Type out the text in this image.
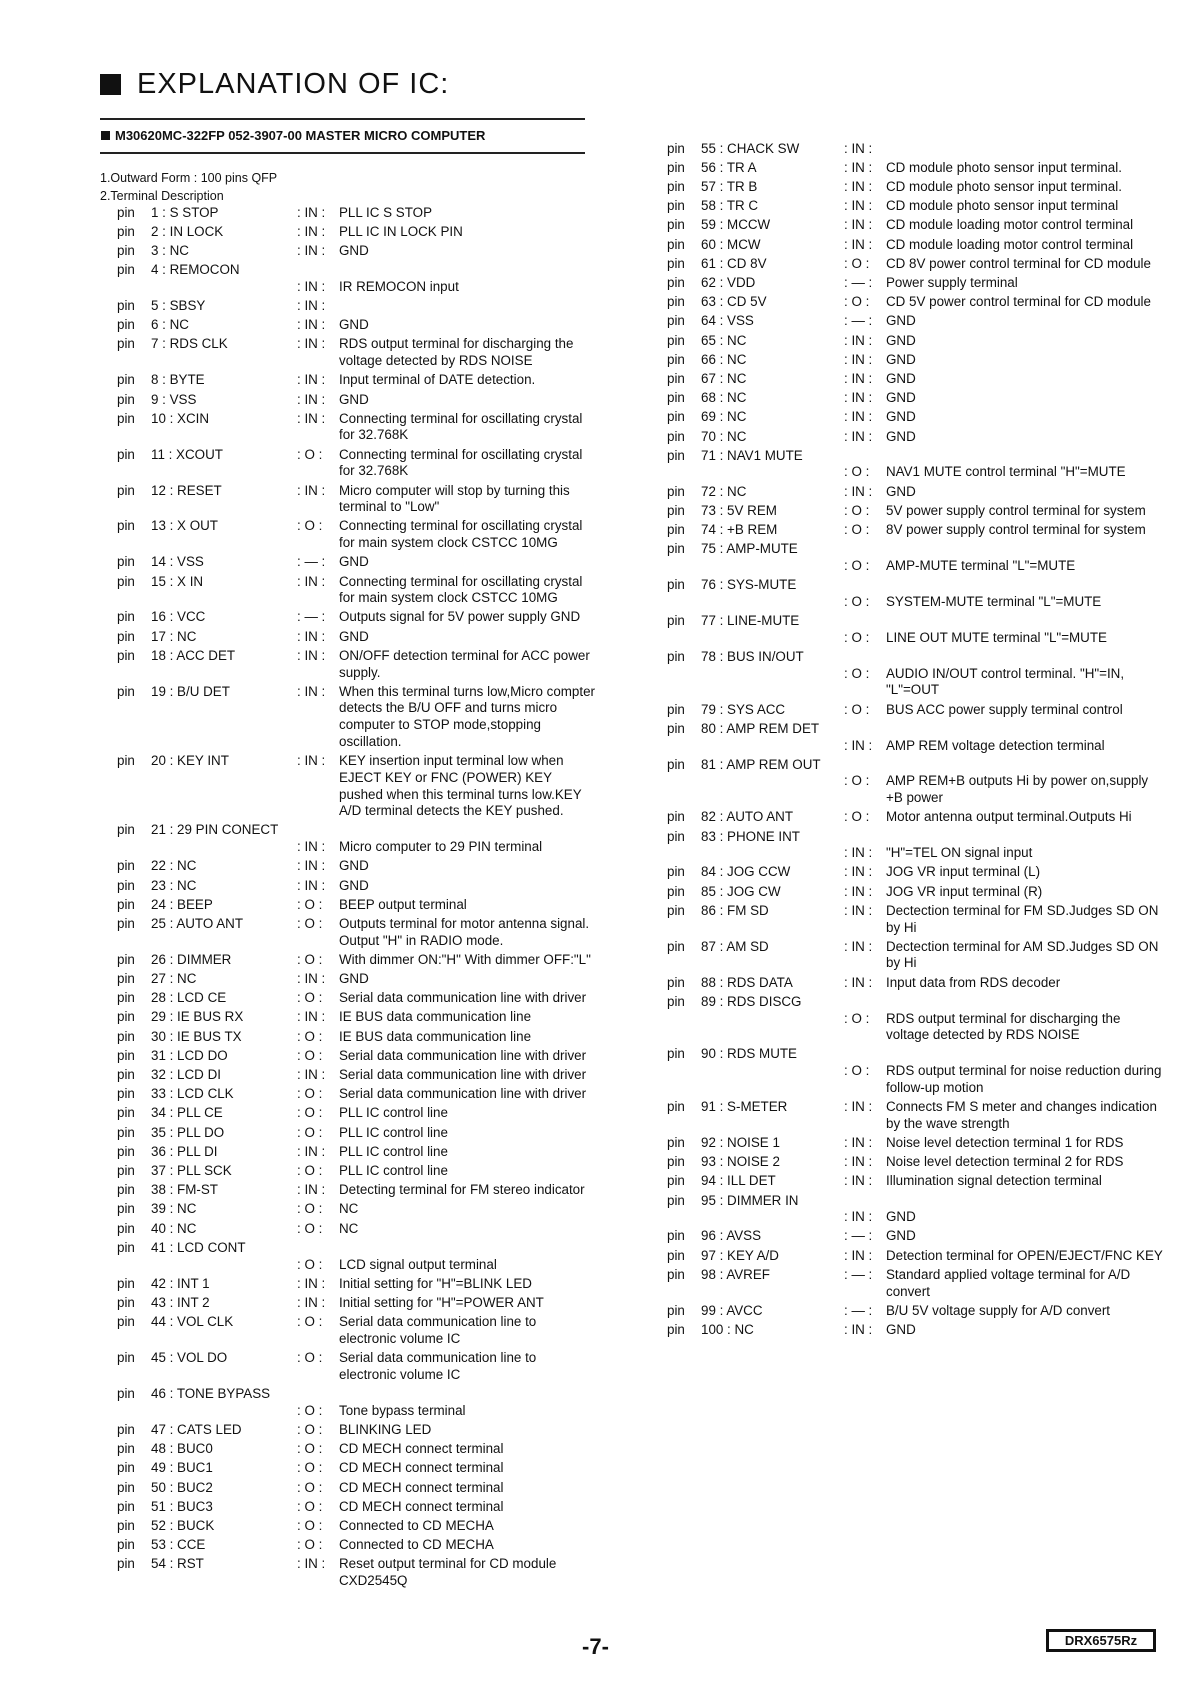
EXPLANATION OF IC:
M30620MC-322FP 052-3907-00 MASTER MICRO COMPUTER
1.Outward Form : 100 pins QFP
2.Terminal Description
pin	1 : S STOP	: IN :	PLL IC S STOP
pin	2 : IN LOCK	: IN :	PLL IC IN LOCK PIN
pin	3 : NC	: IN :	GND
pin	4 : REMOCON
: IN :	IR REMOCON input
pin	5 : SBSY	: IN :
pin	6 : NC	: IN :	GND
pin	7 : RDS CLK	: IN :	RDS output terminal for discharging the voltage detected by RDS NOISE
pin	8 : BYTE	: IN :	Input terminal of DATE detection.
pin	9 : VSS	: IN :	GND
pin	10 : XCIN	: IN :	Connecting terminal for oscillating crystal for 32.768K
pin	11 : XCOUT	: O :	Connecting terminal for oscillating crystal for 32.768K
pin	12 : RESET	: IN :	Micro computer will stop by turning this terminal to "Low"
pin	13 : X OUT	: O :	Connecting terminal for oscillating crystal for main system clock CSTCC 10MG
pin	14 : VSS	: — :	GND
pin	15 : X IN	: IN :	Connecting terminal for oscillating crystal for main system clock CSTCC 10MG
pin	16 : VCC	: — :	Outputs signal for 5V power supply GND
pin	17 : NC	: IN :	GND
pin	18 : ACC DET	: IN :	ON/OFF detection terminal for ACC power supply.
pin	19 : B/U DET	: IN :	When this terminal turns low,Micro compter detects the B/U OFF and turns micro computer to STOP mode,stopping oscillation.
pin	20 : KEY INT	: IN :	KEY insertion input terminal low when EJECT KEY or FNC (POWER) KEY pushed when this terminal turns low.KEY A/D terminal detects the KEY pushed.
pin	21 : 29 PIN CONECT
: IN :	Micro computer to 29 PIN terminal
pin	22 : NC	: IN :	GND
pin	23 : NC	: IN :	GND
pin	24 : BEEP	: O :	BEEP output terminal
pin	25 : AUTO ANT	: O :	Outputs terminal for motor antenna signal. Output "H" in RADIO mode.
pin	26 : DIMMER	: O :	With dimmer ON:"H" With dimmer OFF:"L"
pin	27 : NC	: IN :	GND
pin	28 : LCD CE	: O :	Serial data communication line with driver
pin	29 : IE BUS RX	: IN :	IE BUS data communication line
pin	30 : IE BUS TX	: O :	IE BUS data communication line
pin	31 : LCD DO	: O :	Serial data communication line with driver
pin	32 : LCD DI	: IN :	Serial data communication line with driver
pin	33 : LCD CLK	: O :	Serial data communication line with driver
pin	34 : PLL CE	: O :	PLL IC control line
pin	35 : PLL DO	: O :	PLL IC control line
pin	36 : PLL DI	: IN :	PLL IC control line
pin	37 : PLL SCK	: O :	PLL IC control line
pin	38 : FM-ST	: IN :	Detecting terminal for FM stereo indicator
pin	39 : NC	: O :	NC
pin	40 : NC	: O :	NC
pin	41 : LCD CONT
: O :	LCD signal output terminal
pin	42 : INT 1	: IN :	Initial setting for "H"=BLINK LED
pin	43 : INT 2	: IN :	Initial setting for "H"=POWER ANT
pin	44 : VOL CLK	: O :	Serial data communication line to electronic volume IC
pin	45 : VOL DO	: O :	Serial data communication line to electronic volume IC
pin	46 : TONE BYPASS
: O :	Tone bypass terminal
pin	47 : CATS LED	: O :	BLINKING LED
pin	48 : BUC0	: O :	CD MECH connect terminal
pin	49 : BUC1	: O :	CD MECH connect terminal
pin	50 : BUC2	: O :	CD MECH connect terminal
pin	51 : BUC3	: O :	CD MECH connect terminal
pin	52 : BUCK	: O :	Connected to CD MECHA
pin	53 : CCE	: O :	Connected to CD MECHA
pin	54 : RST	: IN :	Reset output terminal for CD module CXD2545Q
pin	55 : CHACK SW	: IN :
pin	56 : TR A	: IN :	CD module photo sensor input terminal.
pin	57 : TR B	: IN :	CD module photo sensor input terminal.
pin	58 : TR C	: IN :	CD module photo sensor input terminal
pin	59 : MCCW	: IN :	CD module loading motor control terminal
pin	60 : MCW	: IN :	CD module loading motor control terminal
pin	61 : CD 8V	: O :	CD 8V power control terminal for CD module
pin	62 : VDD	: — :	Power supply terminal
pin	63 : CD 5V	: O :	CD 5V power control terminal for CD module
pin	64 : VSS	: — :	GND
pin	65 : NC	: IN :	GND
pin	66 : NC	: IN :	GND
pin	67 : NC	: IN :	GND
pin	68 : NC	: IN :	GND
pin	69 : NC	: IN :	GND
pin	70 : NC	: IN :	GND
pin	71 : NAV1 MUTE
: O :	NAV1 MUTE control terminal "H"=MUTE
pin	72 : NC	: IN :	GND
pin	73 : 5V REM	: O :	5V power supply control terminal for system
pin	74 : +B REM	: O :	8V power supply control terminal for system
pin	75 : AMP-MUTE
: O :	AMP-MUTE terminal "L"=MUTE
pin	76 : SYS-MUTE
: O :	SYSTEM-MUTE terminal "L"=MUTE
pin	77 : LINE-MUTE
: O :	LINE OUT MUTE terminal "L"=MUTE
pin	78 : BUS IN/OUT
: O :	AUDIO IN/OUT control terminal. "H"=IN, "L"=OUT
pin	79 : SYS ACC	: O :	BUS ACC power supply terminal control
pin	80 : AMP REM DET
: IN :	AMP REM voltage detection terminal
pin	81 : AMP REM OUT
: O :	AMP REM+B outputs Hi by power on,supply +B power
pin	82 : AUTO ANT	: O :	Motor antenna output terminal.Outputs Hi
pin	83 : PHONE INT
: IN :	"H"=TEL ON signal input
pin	84 : JOG CCW	: IN :	JOG VR input terminal (L)
pin	85 : JOG CW	: IN :	JOG VR input terminal (R)
pin	86 : FM SD	: IN :	Dectection terminal for FM SD.Judges SD ON by Hi
pin	87 : AM SD	: IN :	Dectection terminal for AM SD.Judges SD ON by Hi
pin	88 : RDS DATA	: IN :	Input data from RDS decoder
pin	89 : RDS DISCG
: O :	RDS output terminal for discharging the voltage detected by RDS NOISE
pin	90 : RDS MUTE
: O :	RDS output terminal for noise reduction during follow-up motion
pin	91 : S-METER	: IN :	Connects FM S meter and changes indication by the wave strength
pin	92 : NOISE 1	: IN :	Noise level detection terminal 1 for RDS
pin	93 : NOISE 2	: IN :	Noise level detection terminal 2 for RDS
pin	94 : ILL DET	: IN :	Illumination signal detection terminal
pin	95 : DIMMER IN
: IN :	GND
pin	96 : AVSS	: — :	GND
pin	97 : KEY A/D	: IN :	Detection terminal for OPEN/EJECT/FNC KEY
pin	98 : AVREF	: — :	Standard applied voltage terminal for A/D convert
pin	99 : AVCC	: — :	B/U 5V voltage supply for A/D convert
pin	100 : NC	: IN :	GND
-7-	DRX6575Rz
